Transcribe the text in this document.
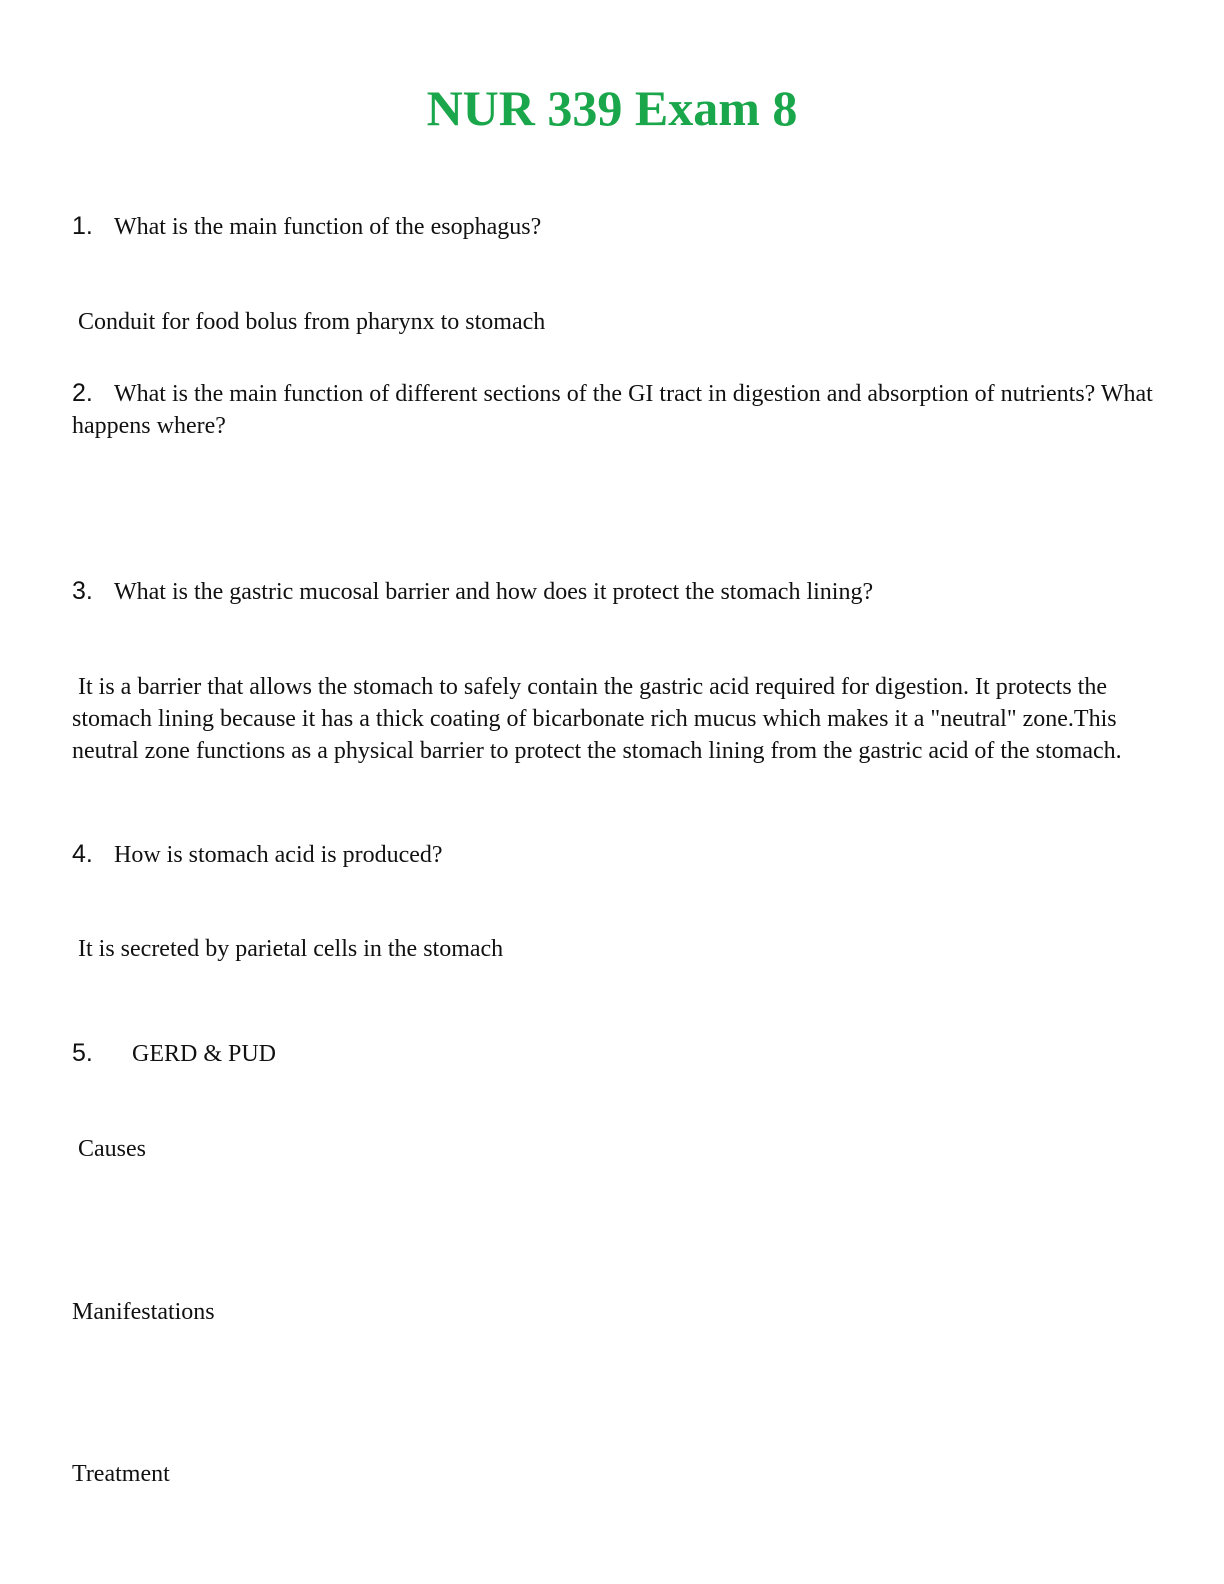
NUR 339 Exam 8
1. What is the main function of the esophagus?
Conduit for food bolus from pharynx to stomach
2. What is the main function of different sections of the GI tract in digestion and absorption of nutrients? What happens where?
3. What is the gastric mucosal barrier and how does it protect the stomach lining?
It is a barrier that allows the stomach to safely contain the gastric acid required for digestion. It protects the stomach lining because it has a thick coating of bicarbonate rich mucus which makes it a "neutral" zone.This neutral zone functions as a physical barrier to protect the stomach lining from the gastric acid of the stomach.
4. How is stomach acid is produced?
It is secreted by parietal cells in the stomach
5. GERD & PUD
Causes
Manifestations
Treatment
